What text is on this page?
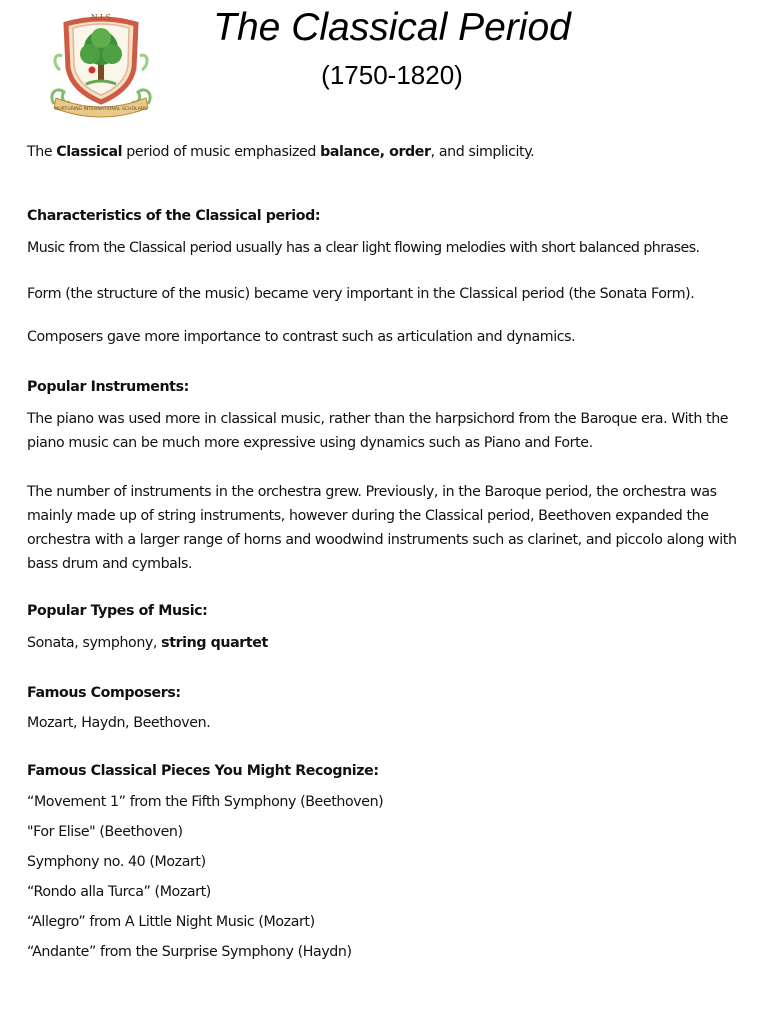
N.I.S
NURTURING INTERNATIONAL SCHOLARS
The Classical Period
(1750-1820)
The Classical period of music emphasized balance, order, and simplicity.
Characteristics of the Classical period:
Music from the Classical period usually has a clear light flowing melodies with short balanced phrases.
Form (the structure of the music) became very important in the Classical period (the Sonata Form).
Composers gave more importance to contrast such as articulation and dynamics.
Popular Instruments:
The piano was used more in classical music, rather than the harpsichord from the Baroque era. With the piano music can be much more expressive using dynamics such as Piano and Forte.
The number of instruments in the orchestra grew. Previously, in the Baroque period, the orchestra was mainly made up of string instruments, however during the Classical period, Beethoven expanded the orchestra with a larger range of horns and woodwind instruments such as clarinet, and piccolo along with bass drum and cymbals.
Popular Types of Music:
Sonata, symphony, string quartet
Famous Composers:
Mozart, Haydn, Beethoven.
Famous Classical Pieces You Might Recognize:
“Movement 1” from the Fifth Symphony (Beethoven)
"For Elise" (Beethoven)
Symphony no. 40 (Mozart)
“Rondo alla Turca” (Mozart)
“Allegro” from A Little Night Music (Mozart)
“Andante” from the Surprise Symphony (Haydn)
